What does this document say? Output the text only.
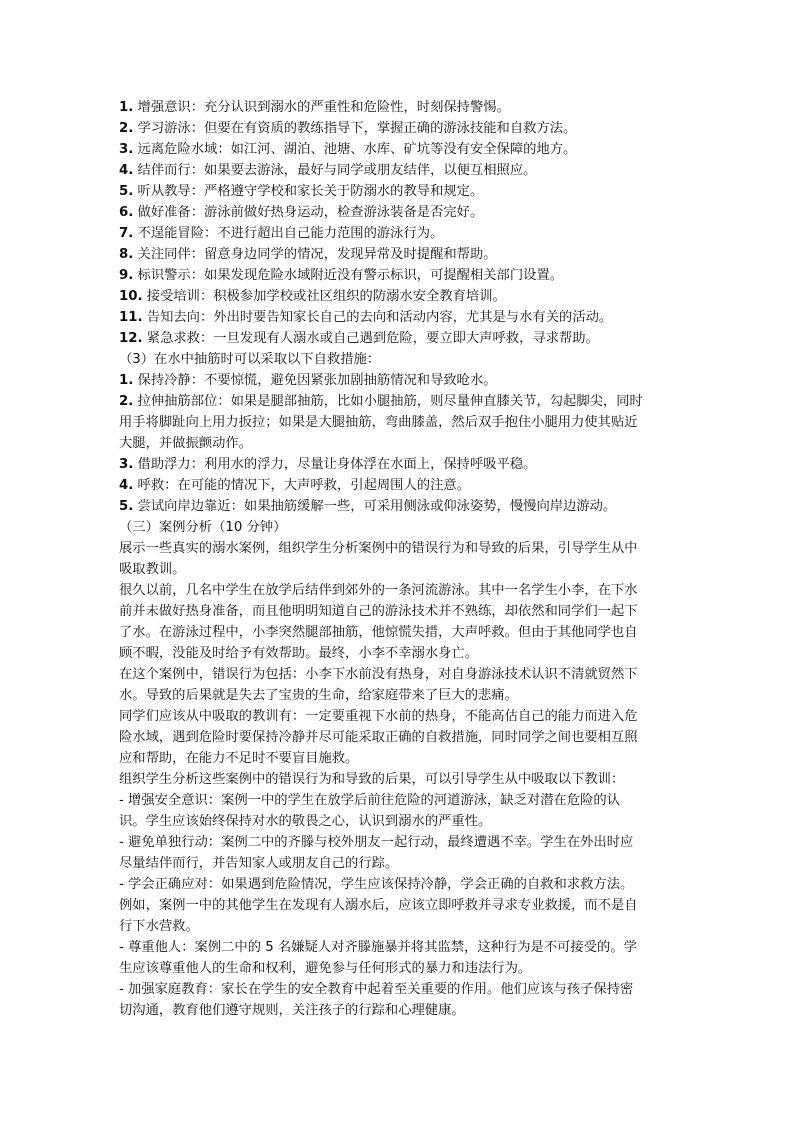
1. 增强意识：充分认识到溺水的严重性和危险性，时刻保持警惕。

2. 学习游泳：但要在有资质的教练指导下，掌握正确的游泳技能和自救方法。

3. 远离危险水域：如江河、湖泊、池塘、水库、矿坑等没有安全保障的地方。

4. 结伴而行：如果要去游泳，最好与同学或朋友结伴，以便互相照应。

5. 听从教导：严格遵守学校和家长关于防溺水的教导和规定。

6. 做好准备：游泳前做好热身运动，检查游泳装备是否完好。

7. 不逞能冒险：不进行超出自己能力范围的游泳行为。

8. 关注同伴：留意身边同学的情况，发现异常及时提醒和帮助。

9. 标识警示：如果发现危险水域附近没有警示标识，可提醒相关部门设置。

10. 接受培训：积极参加学校或社区组织的防溺水安全教育培训。

11. 告知去向：外出时要告知家长自己的去向和活动内容，尤其是与水有关的活动。

12. 紧急求救：一旦发现有人溺水或自己遇到危险，要立即大声呼救，寻求帮助。

（3）在水中抽筋时可以采取以下自救措施：

1. 保持冷静：不要惊慌，避免因紧张加剧抽筋情况和导致呛水。

2. 拉伸抽筋部位：如果是腿部抽筋，比如小腿抽筋，则尽量伸直膝关节，勾起脚尖，同时
用手将脚趾向上用力扳拉；如果是大腿抽筋，弯曲膝盖，然后双手抱住小腿用力使其贴近
大腿，并做振颤动作。

3. 借助浮力：利用水的浮力，尽量让身体浮在水面上，保持呼吸平稳。

4. 呼救：在可能的情况下，大声呼救，引起周围人的注意。

5. 尝试向岸边靠近：如果抽筋缓解一些，可采用侧泳或仰泳姿势，慢慢向岸边游动。

（三）案例分析（10 分钟）

展示一些真实的溺水案例，组织学生分析案例中的错误行为和导致的后果，引导学生从中
吸取教训。

很久以前，几名中学生在放学后结伴到郊外的一条河流游泳。其中一名学生小李，在下水
前并未做好热身准备，而且他明明知道自己的游泳技术并不熟练，却依然和同学们一起下
了水。在游泳过程中，小李突然腿部抽筋，他惊慌失措，大声呼救。但由于其他同学也自
顾不暇，没能及时给予有效帮助。最终，小李不幸溺水身亡。

在这个案例中，错误行为包括：小李下水前没有热身，对自身游泳技术认识不清就贸然下
水。导致的后果就是失去了宝贵的生命，给家庭带来了巨大的悲痛。

同学们应该从中吸取的教训有：一定要重视下水前的热身，不能高估自己的能力而进入危
险水域，遇到危险时要保持冷静并尽可能采取正确的自救措施，同时同学之间也要相互照
应和帮助，在能力不足时不要盲目施救。

组织学生分析这些案例中的错误行为和导致的后果，可以引导学生从中吸取以下教训：

- 增强安全意识：案例一中的学生在放学后前往危险的河道游泳，缺乏对潜在危险的认
识。学生应该始终保持对水的敬畏之心，认识到溺水的严重性。

- 避免单独行动：案例二中的齐滕与校外朋友一起行动，最终遭遇不幸。学生在外出时应
尽量结伴而行，并告知家人或朋友自己的行踪。

- 学会正确应对：如果遇到危险情况，学生应该保持冷静，学会正确的自救和求救方法。
例如，案例一中的其他学生在发现有人溺水后，应该立即呼救并寻求专业救援，而不是自
行下水营救。

- 尊重他人：案例二中的 5 名嫌疑人对齐滕施暴并将其监禁，这种行为是不可接受的。学
生应该尊重他人的生命和权利，避免参与任何形式的暴力和违法行为。

- 加强家庭教育：家长在学生的安全教育中起着至关重要的作用。他们应该与孩子保持密
切沟通，教育他们遵守规则，关注孩子的行踪和心理健康。
